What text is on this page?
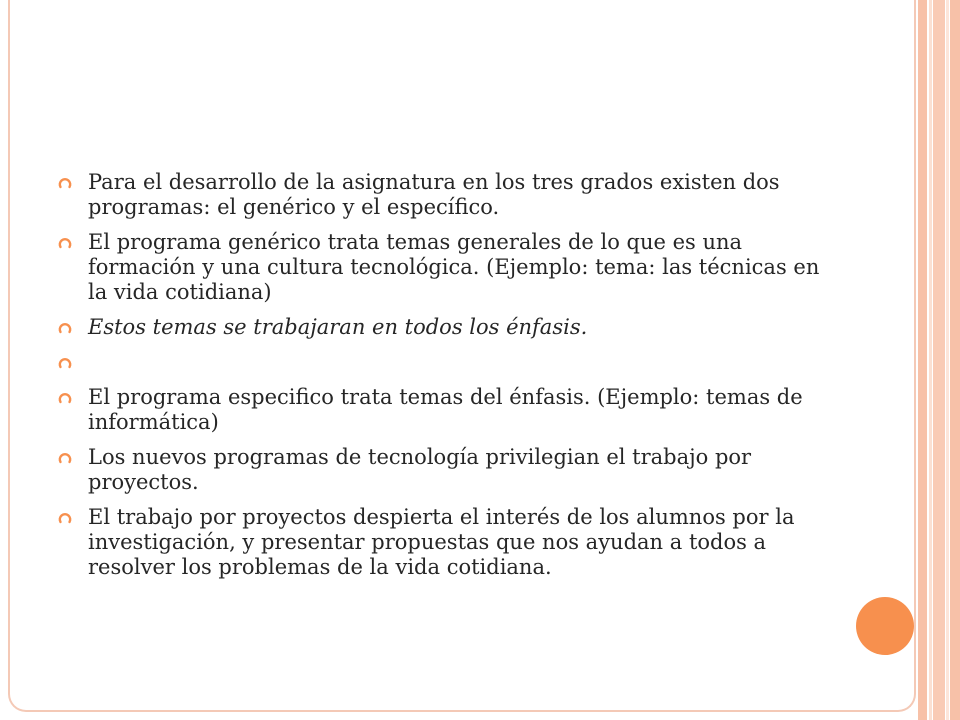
Para el desarrollo de la asignatura en los tres grados existen dos programas: el genérico y el específico.
El programa genérico trata temas generales de lo que es una formación y una cultura tecnológica. (Ejemplo: tema: las técnicas en la vida cotidiana)
Estos temas se trabajaran en todos los énfasis.
El programa especifico trata temas del énfasis. (Ejemplo: temas de informática)
Los nuevos programas de tecnología privilegian el trabajo por proyectos.
El trabajo por proyectos despierta el interés de los alumnos por la investigación, y presentar propuestas que nos ayudan a todos a resolver los problemas de la vida cotidiana.
